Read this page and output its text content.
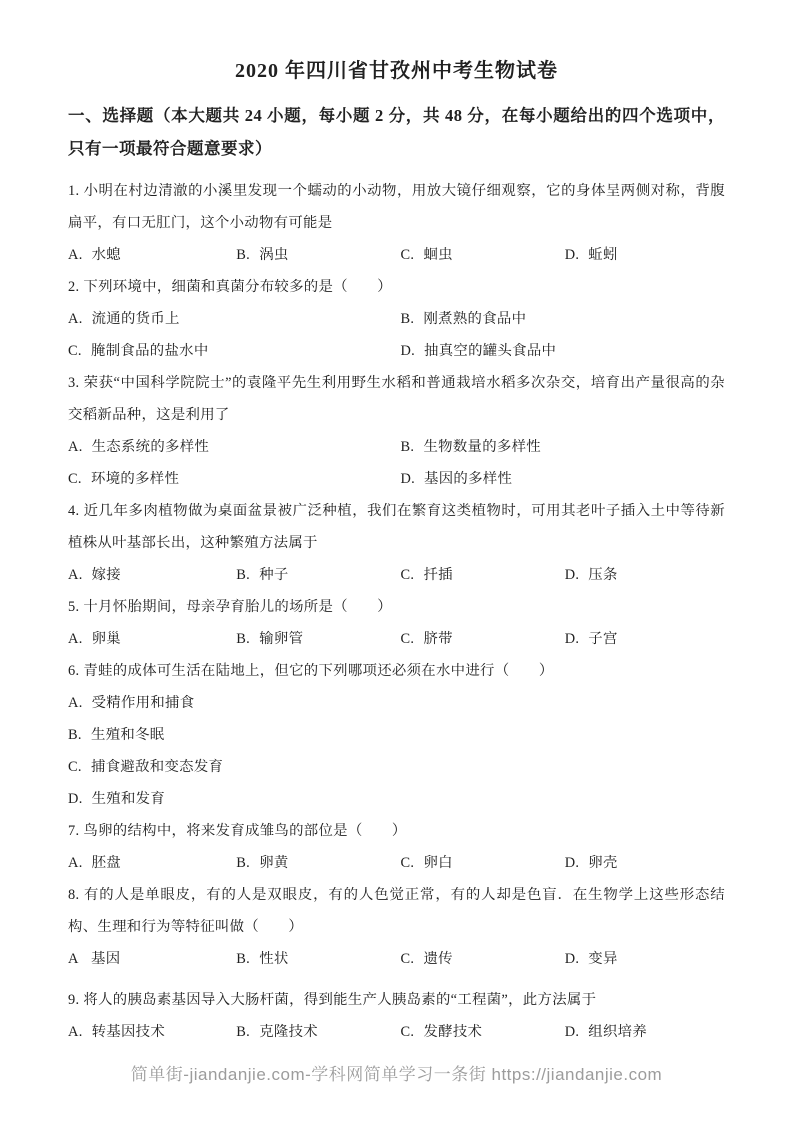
2020 年四川省甘孜州中考生物试卷

一、选择题（本大题共 24 小题，每小题 2 分，共 48 分，在每小题给出的四个选项中，只有一项最符合题意要求）

1. 小明在村边清澈的小溪里发现一个蠕动的小动物，用放大镜仔细观察，它的身体呈两侧对称，背腹扁平，有口无肛门，这个小动物有可能是

A. 水螅	B. 涡虫	C. 蛔虫	D. 蚯蚓

2. 下列环境中，细菌和真菌分布较多的是（　　）

A. 流通的货币上	B. 刚煮熟的食品中
C. 腌制食品的盐水中	D. 抽真空的罐头食品中

3. 荣获“中国科学院院士”的袁隆平先生利用野生水稻和普通栽培水稻多次杂交，培育出产量很高的杂交稻新品种，这是利用了

A. 生态系统的多样性	B. 生物数量的多样性
C. 环境的多样性	D. 基因的多样性

4. 近几年多肉植物做为桌面盆景被广泛种植，我们在繁育这类植物时，可用其老叶子插入土中等待新植株从叶基部长出，这种繁殖方法属于

A. 嫁接	B. 种子	C. 扦插	D. 压条

5. 十月怀胎期间，母亲孕育胎儿的场所是（　　）

A. 卵巢	B. 输卵管	C. 脐带	D. 子宫

6. 青蛙的成体可生活在陆地上，但它的下列哪项还必须在水中进行（　　）

A. 受精作用和捕食
B. 生殖和冬眠
C. 捕食避敌和变态发育
D. 生殖和发育

7. 鸟卵的结构中，将来发育成雏鸟的部位是（　　）

A. 胚盘	B. 卵黄	C. 卵白	D. 卵壳

8. 有的人是单眼皮，有的人是双眼皮，有的人色觉正常，有的人却是色盲．在生物学上这些形态结构、生理和行为等特征叫做（　　）

A 基因	B. 性状	C. 遗传	D. 变异

9. 将人的胰岛素基因导入大肠杆菌，得到能生产人胰岛素的“工程菌”，此方法属于

A. 转基因技术	B. 克隆技术	C. 发酵技术	D. 组织培养
简单街-jiandanjie.com-学科网简单学习一条街 https://jiandanjie.com
